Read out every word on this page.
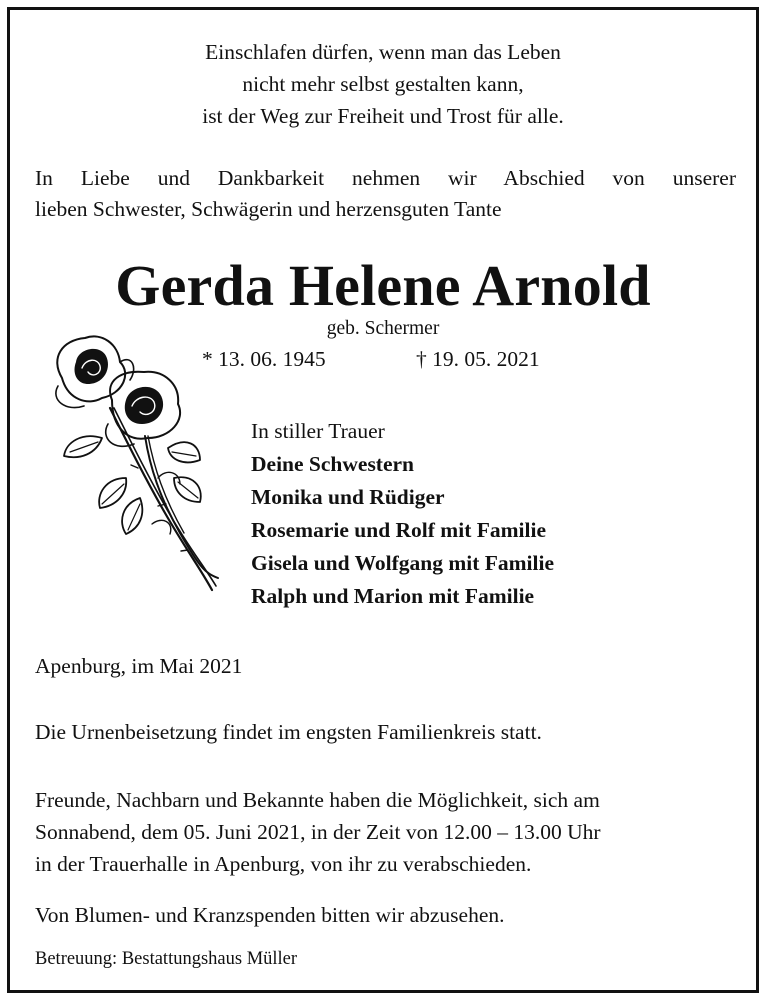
Einschlafen dürfen, wenn man das Leben
nicht mehr selbst gestalten kann,
ist der Weg zur Freiheit und Trost für alle.
In Liebe und Dankbarkeit nehmen wir Abschied von unserer
lieben Schwester, Schwägerin und herzensguten Tante
Gerda Helene Arnold
geb. Schermer
* 13. 06. 1945	† 19. 05. 2021
In stiller Trauer
Deine Schwestern
Monika und Rüdiger
Rosemarie und Rolf mit Familie
Gisela und Wolfgang mit Familie
Ralph und Marion mit Familie
Apenburg, im Mai 2021
Die Urnenbeisetzung findet im engsten Familienkreis statt.
Freunde, Nachbarn und Bekannte haben die Möglichkeit, sich am
Sonnabend, dem 05. Juni 2021, in der Zeit von 12.00 – 13.00 Uhr
in der Trauerhalle in Apenburg, von ihr zu verabschieden.
Von Blumen- und Kranzspenden bitten wir abzusehen.
Betreuung: Bestattungshaus Müller
